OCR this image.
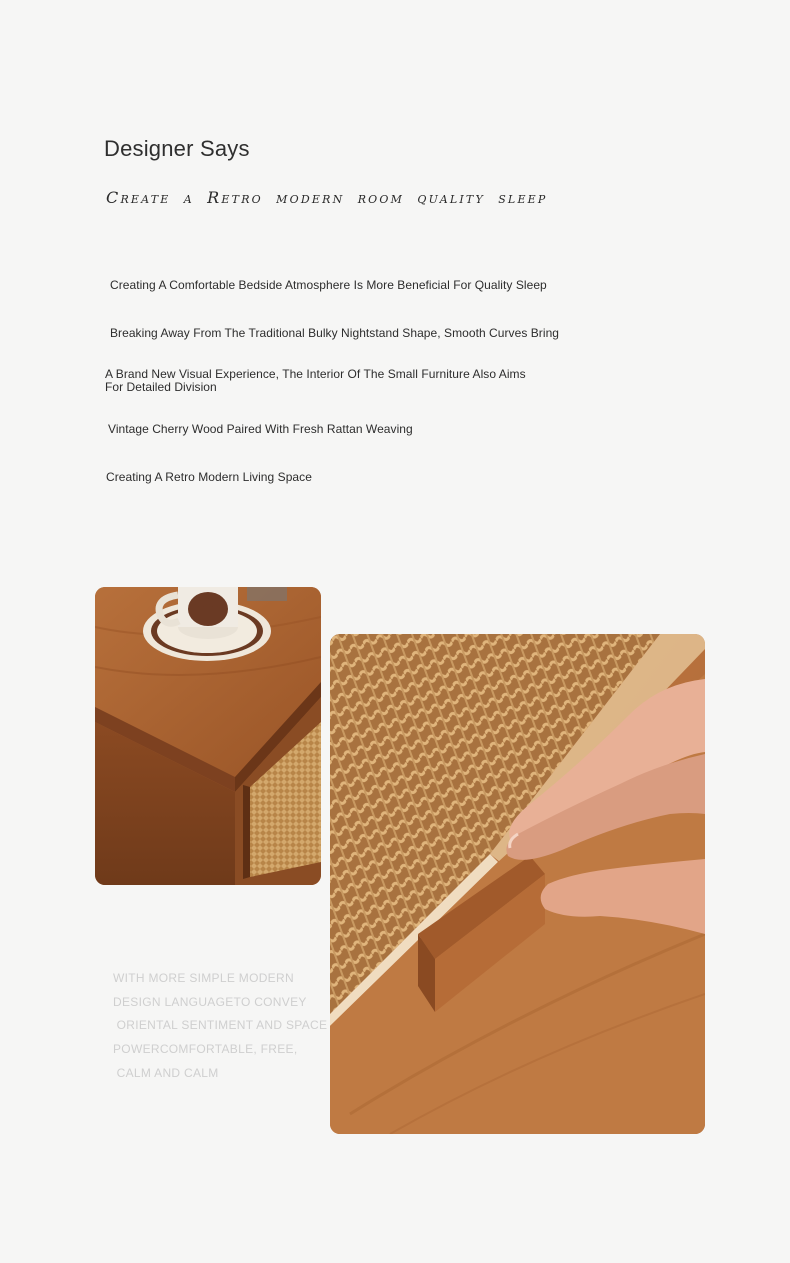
Designer Says
Create a Retro modern room quality sleep
Creating A Comfortable Bedside Atmosphere Is More Beneficial For Quality Sleep
Breaking Away From The Traditional Bulky Nightstand Shape, Smooth Curves Bring
A Brand New Visual Experience, The Interior Of The Small Furniture Also Aims
For Detailed Division
Vintage Cherry Wood Paired With Fresh Rattan Weaving
Creating A Retro Modern Living Space
WITH MORE SIMPLE MODERN
DESIGN LANGUAGETO CONVEY
ORIENTAL SENTIMENT AND SPACE
POWERCOMFORTABLE, FREE,
CALM AND CALM
